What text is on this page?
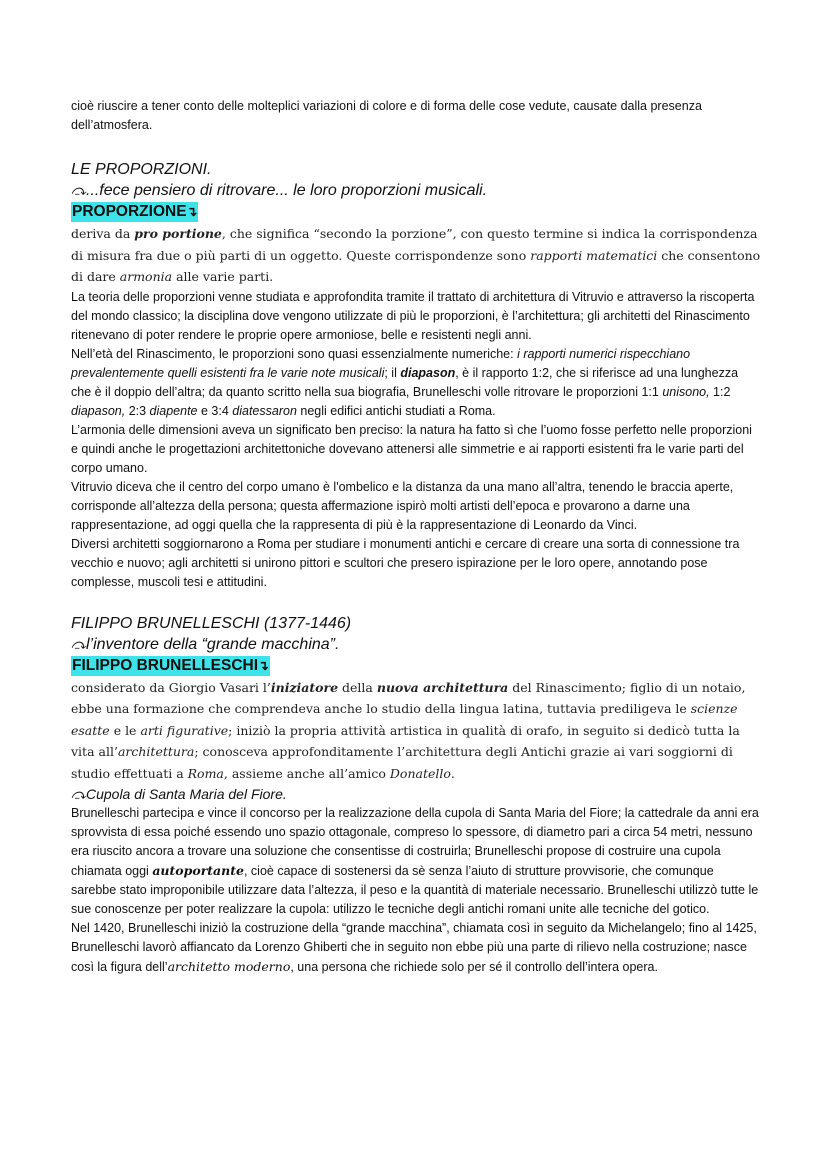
cioè riuscire a tener conto delle molteplici variazioni di colore e di forma delle cose vedute, causate dalla presenza dell’atmosfera.

LE PROPORZIONI.

⤼...fece pensiero di ritrovare... le loro proporzioni musicali.

PROPORZIONE↴

deriva da pro portione, che significa “secondo la porzione”, con questo termine si indica la corrispondenza di misura fra due o più parti di un oggetto. Queste corrispondenze sono rapporti matematici che consentono di dare armonia alle varie parti.

La teoria delle proporzioni venne studiata e approfondita tramite il trattato di architettura di Vitruvio e attraverso la riscoperta del mondo classico; la disciplina dove vengono utilizzate di più le proporzioni, è l’architettura; gli architetti del Rinascimento ritenevano di poter rendere le proprie opere armoniose, belle e resistenti negli anni.

Nell’età del Rinascimento, le proporzioni sono quasi essenzialmente numeriche: i rapporti numerici rispecchiano prevalentemente quelli esistenti fra le varie note musicali; il diapason, è il rapporto 1:2, che si riferisce ad una lunghezza che è il doppio dell’altra; da quanto scritto nella sua biografia, Brunelleschi volle ritrovare le proporzioni 1:1 unisono, 1:2 diapason, 2:3 diapente e 3:4 diatessaron negli edifici antichi studiati a Roma.

L’armonia delle dimensioni aveva un significato ben preciso: la natura ha fatto sì che l’uomo fosse perfetto nelle proporzioni e quindi anche le progettazioni architettoniche dovevano attenersi alle simmetrie e ai rapporti esistenti fra le varie parti del corpo umano.

Vitruvio diceva che il centro del corpo umano è l'ombelico e la distanza da una mano all’altra, tenendo le braccia aperte, corrisponde all’altezza della persona; questa affermazione ispirò molti artisti dell’epoca e provarono a darne una rappresentazione, ad oggi quella che la rappresenta di più è la rappresentazione di Leonardo da Vinci.

Diversi architetti soggiornarono a Roma per studiare i monumenti antichi e cercare di creare una sorta di connessione tra vecchio e nuovo; agli architetti si unirono pittori e scultori che presero ispirazione per le loro opere, annotando pose complesse, muscoli tesi e attitudini.

FILIPPO BRUNELLESCHI (1377-1446)

⤼l’inventore della “grande macchina”.

FILIPPO BRUNELLESCHI↴

considerato da Giorgio Vasari l’iniziatore della nuova architettura del Rinascimento; figlio di un notaio, ebbe una formazione che comprendeva anche lo studio della lingua latina, tuttavia prediligeva le scienze esatte e le arti figurative; iniziò la propria attività artistica in qualità di orafo, in seguito si dedicò tutta la vita all’architettura; conosceva approfonditamente l’architettura degli Antichi grazie ai vari soggiorni di studio effettuati a Roma, assieme anche all’amico Donatello.

⤼Cupola di Santa Maria del Fiore.

Brunelleschi partecipa e vince il concorso per la realizzazione della cupola di Santa Maria del Fiore; la cattedrale da anni era sprovvista di essa poiché essendo uno spazio ottagonale, compreso lo spessore, di diametro pari a circa 54 metri, nessuno era riuscito ancora a trovare una soluzione che consentisse di costruirla; Brunelleschi propose di costruire una cupola chiamata oggi autoportante, cioè capace di sostenersi da sè senza l’aiuto di strutture provvisorie, che comunque sarebbe stato improponibile utilizzare data l’altezza, il peso e la quantità di materiale necessario. Brunelleschi utilizzò tutte le sue conoscenze per poter realizzare la cupola: utilizzo le tecniche degli antichi romani unite alle tecniche del gotico.

Nel 1420, Brunelleschi iniziò la costruzione della “grande macchina”, chiamata così in seguito da Michelangelo; fino al 1425, Brunelleschi lavorò affiancato da Lorenzo Ghiberti che in seguito non ebbe più una parte di rilievo nella costruzione; nasce così la figura dell’architetto moderno, una persona che richiede solo per sé il controllo dell’intera opera.
